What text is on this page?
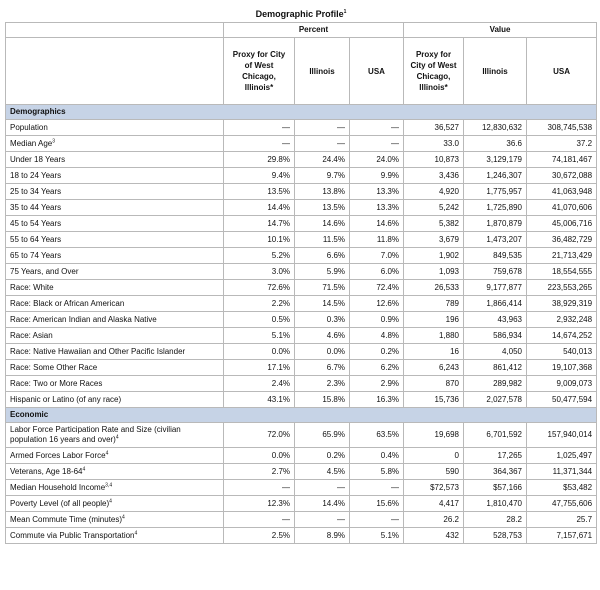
Demographic Profile$^1$
	Percent			Value		
	Proxy for City of West Chicago, Illinois*	Illinois	USA	Proxy for City of West Chicago, Illinois*	Illinois	USA
Demographics						
Population	—	—	—	36,527	12,830,632	308,745,538
Median Age$^3$	—	—	—	33.0	36.6	37.2
Under 18 Years	29.8%	24.4%	24.0%	10,873	3,129,179	74,181,467
18 to 24 Years	9.4%	9.7%	9.9%	3,436	1,246,307	30,672,088
25 to 34 Years	13.5%	13.8%	13.3%	4,920	1,775,957	41,063,948
35 to 44 Years	14.4%	13.5%	13.3%	5,242	1,725,890	41,070,606
45 to 54 Years	14.7%	14.6%	14.6%	5,382	1,870,879	45,006,716
55 to 64 Years	10.1%	11.5%	11.8%	3,679	1,473,207	36,482,729
65 to 74 Years	5.2%	6.6%	7.0%	1,902	849,535	21,713,429
75 Years, and Over	3.0%	5.9%	6.0%	1,093	759,678	18,554,555
Race: White	72.6%	71.5%	72.4%	26,533	9,177,877	223,553,265
Race: Black or African American	2.2%	14.5%	12.6%	789	1,866,414	38,929,319
Race: American Indian and Alaska Native	0.5%	0.3%	0.9%	196	43,963	2,932,248
Race: Asian	5.1%	4.6%	4.8%	1,880	586,934	14,674,252
Race: Native Hawaiian and Other Pacific Islander	0.0%	0.0%	0.2%	16	4,050	540,013
Race: Some Other Race	17.1%	6.7%	6.2%	6,243	861,412	19,107,368
Race: Two or More Races	2.4%	2.3%	2.9%	870	289,982	9,009,073
Hispanic or Latino (of any race)	43.1%	15.8%	16.3%	15,736	2,027,578	50,477,594
Economic						
Labor Force Participation Rate and Size (civilian population 16 years and over)$^4$	72.0%	65.9%	63.5%	19,698	6,701,592	157,940,014
Armed Forces Labor Force$^4$	0.0%	0.2%	0.4%	0	17,265	1,025,497
Veterans, Age $18-64^4$	2.7%	4.5%	5.8%	590	364,367	11,371,344
Median Household Income$^{3,4}$	—	—	—	$72,573	$57,166	$53,482
Poverty Level (of all people)$^4$	12.3%	14.4%	15.6%	4,417	1,810,470	47,755,606
Mean Commute Time (minutes)$^4$	—	—	—	26.2	28.2	25.7
Commute via Public Transportation$^4$	2.5%	8.9%	5.1%	432	528,753	7,157,671
